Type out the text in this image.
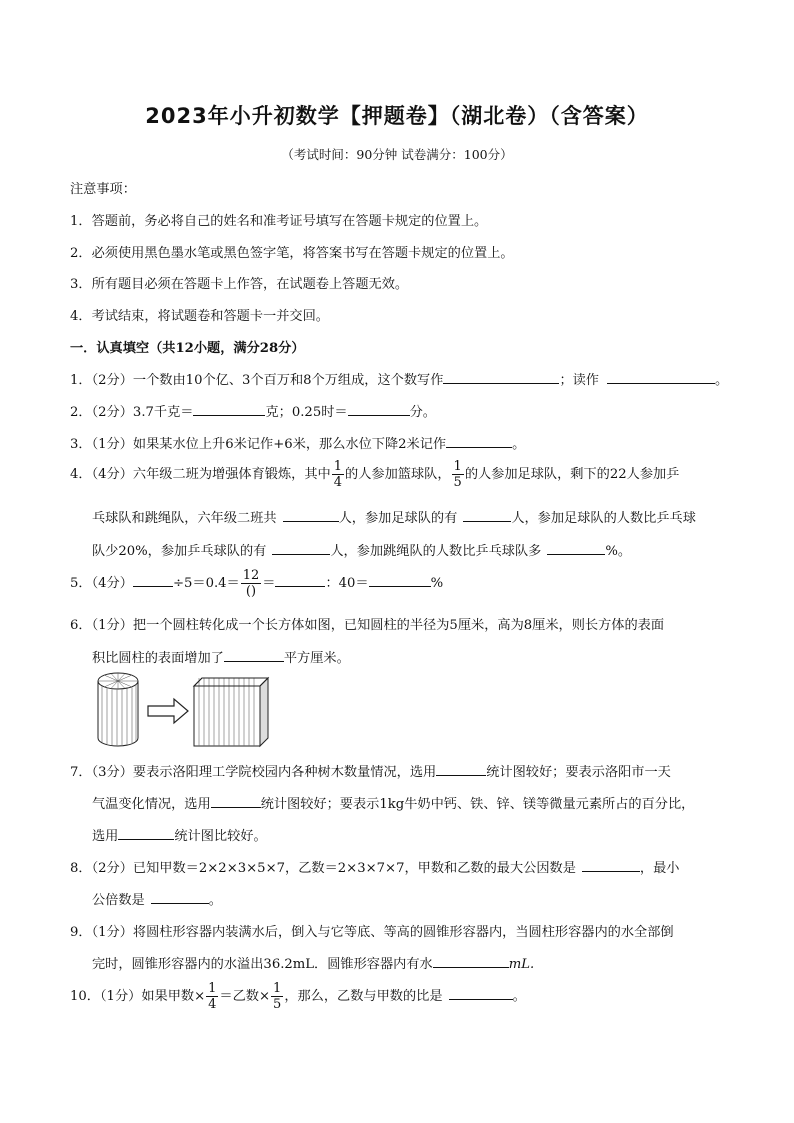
2023年小升初数学【押题卷】（湖北卷）（含答案）
（考试时间：90分钟 试卷满分：100分）
注意事项：
1．答题前，务必将自己的姓名和准考证号填写在答题卡规定的位置上。
2．必须使用黑色墨水笔或黑色签字笔，将答案书写在答题卡规定的位置上。
3．所有题目必须在答题卡上作答，在试题卷上答题无效。
4．考试结束，将试题卷和答题卡一并交回。
一．认真填空（共12小题，满分28分）
1．（2分）一个数由10个亿、3个百万和8个万组成，这个数写作	；读作	。
2．（2分）3.7千克＝	克；0.25时＝	分。
3．（1分）如果某水位上升6米记作+6米，那么水位下降2米记作	。
4．（4分）六年级二班为增强体育锻炼，其中 $\frac{1}{4}$ 的人参加篮球队， $\frac{1}{5}$ 的人参加足球队，剩下的22人参加乒
乓球队和跳绳队，六年级二班共	人，参加足球队的有	人，参加足球队的人数比乒乓球
队少20%，参加乒乓球队的有	人，参加跳绳队的人数比乒乓球队多	%。
5．（4分）	$\div 5=0.4= \frac{12}{()}$ ＝	：40＝	%
6．（1分）把一个圆柱转化成一个长方体如图，已知圆柱的半径为5厘米，高为8厘米，则长方体的表面
积比圆柱的表面增加了	平方厘米。
7．（3分）要表示洛阳理工学院校园内各种树木数量情况，选用	统计图较好；要表示洛阳市一天
气温变化情况，选用	统计图较好；要表示1kg牛奶中钙、铁、锌、镁等微量元素所占的百分比，
选用	统计图比较好。
8．（2分）已知甲数＝2×2×3×5×7，乙数＝2×3×7×7，甲数和乙数的最大公因数是	，最小
公倍数是	。
9．（1分）将圆柱形容器内装满水后，倒入与它等底、等高的圆锥形容器内，当圆柱形容器内的水全部倒
完时，圆锥形容器内的水溢出36.2mL．圆锥形容器内有水	mL.
10．（1分）如果甲数× $\frac{1}{4}$ ＝乙数× $\frac{1}{5}$ ，那么，乙数与甲数的比是	。
